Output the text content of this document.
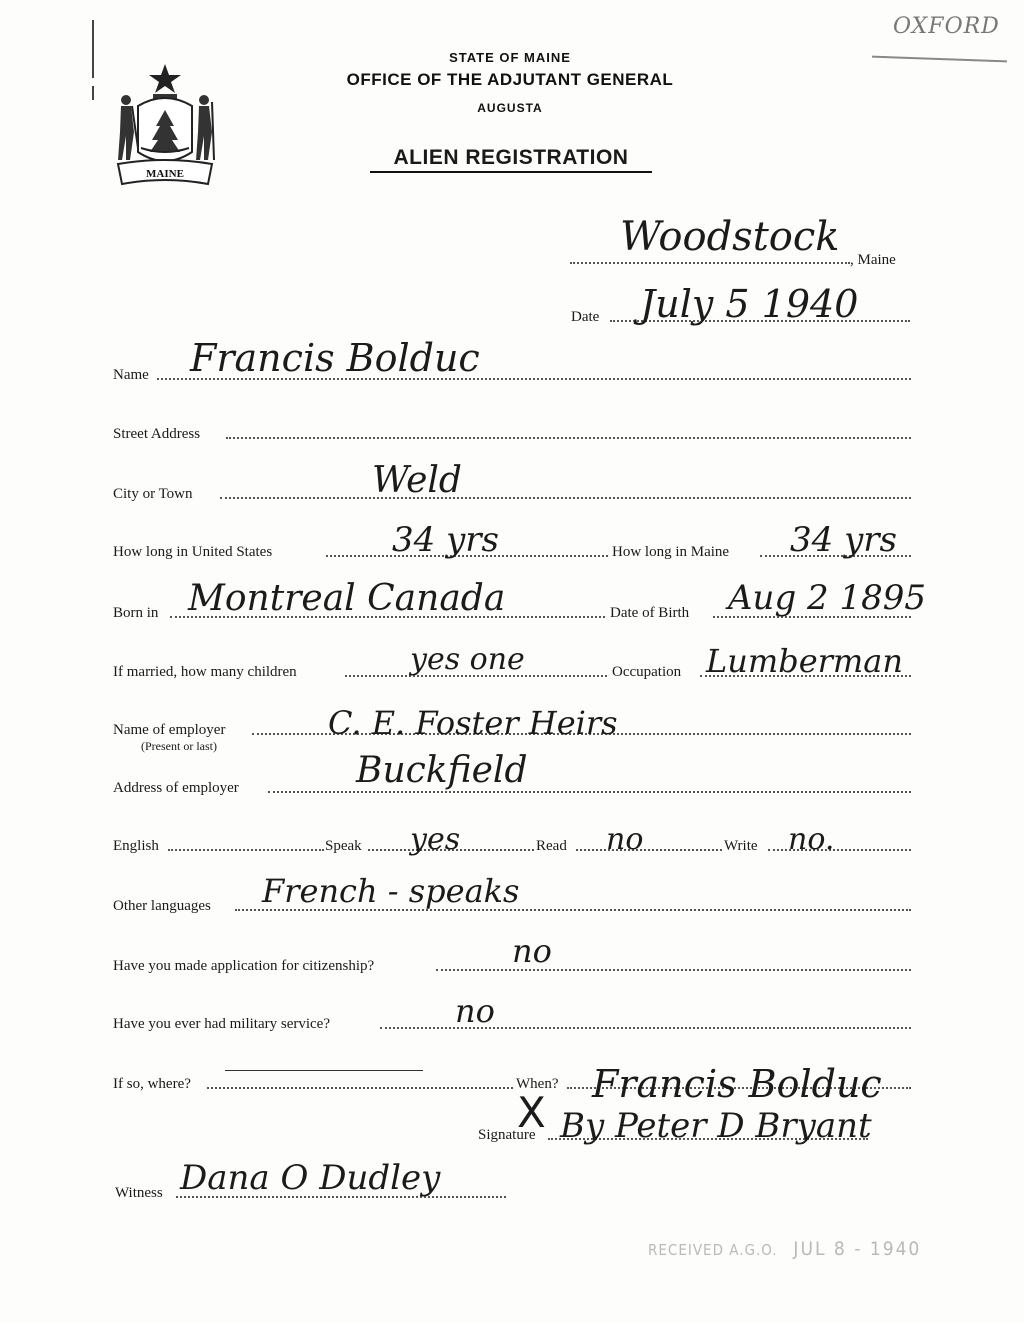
OXFORD
MAINE
STATE OF MAINE
OFFICE OF THE ADJUTANT GENERAL
AUGUSTA
ALIEN REGISTRATION
Woodstock , Maine
Date July 5 1940
Name Francis Bolduc
Street Address
City or Town	Weld
How long in United States	34 yrs	How long in Maine 34 yrs
Born in Montreal Canada	Date of Birth Aug 2 1895
If married, how many children	yes one	Occupation Lumberman
Name of employer
(Present or last)
C. E. Foster Heirs
Address of employer	Buckfield
English	Speak yes	Read no	Write no.
Other languages French - speaks
Have you made application for citizenship?	no
Have you ever had military service?	no
If so, where?	When?
Signature
X
Francis Bolduc
By Peter D Bryant
Witness Dana O Dudley
RECEIVED A.G.O. JUL 8 - 1940
